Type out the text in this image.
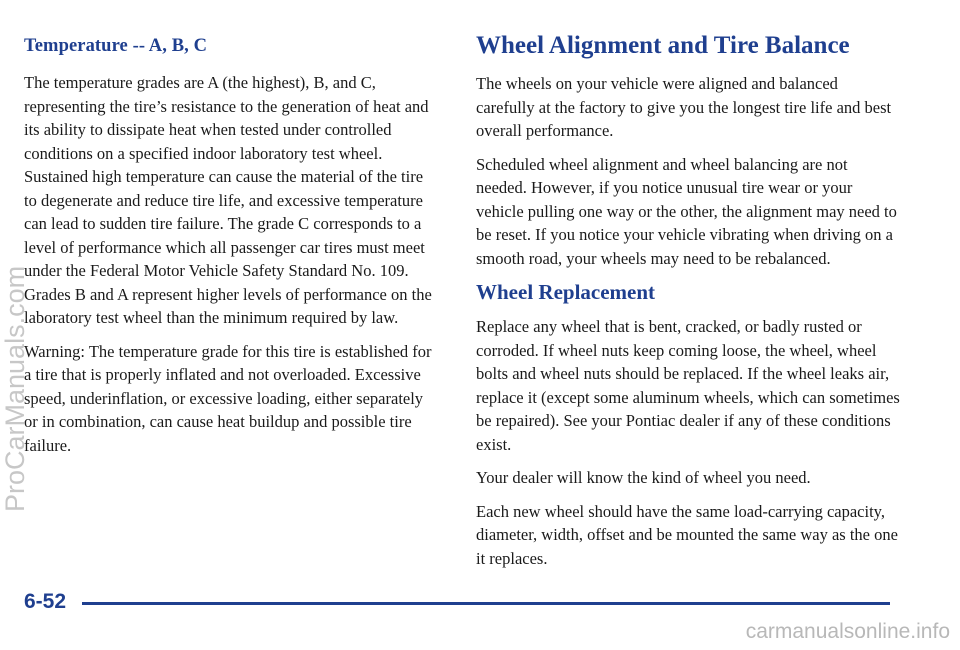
Temperature -- A, B, C

The temperature grades are A (the highest), B, and C, representing the tire’s resistance to the generation of heat and its ability to dissipate heat when tested under controlled conditions on a specified indoor laboratory test wheel. Sustained high temperature can cause the material of the tire to degenerate and reduce tire life, and excessive temperature can lead to sudden tire failure. The grade C corresponds to a level of performance which all passenger car tires must meet under the Federal Motor Vehicle Safety Standard No. 109. Grades B and A represent higher levels of performance on the laboratory test wheel than the minimum required by law.

Warning: The temperature grade for this tire is established for a tire that is properly inflated and not overloaded. Excessive speed, underinflation, or excessive loading, either separately or in combination, can cause heat buildup and possible tire failure.

Wheel Alignment and Tire Balance

The wheels on your vehicle were aligned and balanced carefully at the factory to give you the longest tire life and best overall performance.

Scheduled wheel alignment and wheel balancing are not needed. However, if you notice unusual tire wear or your vehicle pulling one way or the other, the alignment may need to be reset. If you notice your vehicle vibrating when driving on a smooth road, your wheels may need to be rebalanced.

Wheel Replacement

Replace any wheel that is bent, cracked, or badly rusted or corroded. If wheel nuts keep coming loose, the wheel, wheel bolts and wheel nuts should be replaced. If the wheel leaks air, replace it (except some aluminum wheels, which can sometimes be repaired). See your Pontiac dealer if any of these conditions exist.

Your dealer will know the kind of wheel you need.

Each new wheel should have the same load-carrying capacity, diameter, width, offset and be mounted the same way as the one it replaces.

6-52
ProCarManuals.com
carmanualsonline.info
